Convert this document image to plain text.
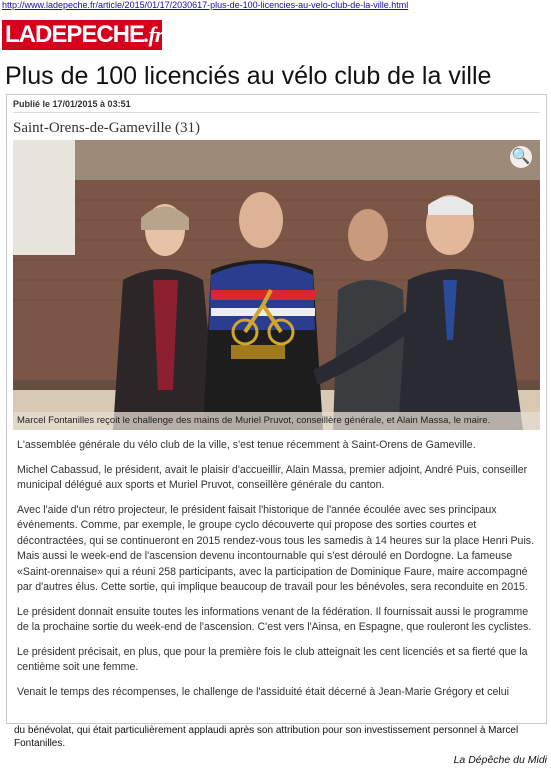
http://www.ladepeche.fr/article/2015/01/17/2030617-plus-de-100-licencies-au-velo-club-de-la-ville.html
LADEPECHE.fr
Plus de 100 licenciés au vélo club de la ville
Publié le 17/01/2015 à 03:51
Saint-Orens-de-Gameville (31)
🔍
Marcel Fontanilles reçoit le challenge des mains de Muriel Pruvot, conseillère générale, et Alain Massa, le maire.

L'assemblée générale du vélo club de la ville, s'est tenue récemment à Saint-Orens de Gameville.

Michel Cabassud, le président, avait le plaisir d'accueillir, Alain Massa, premier adjoint, André Puis, conseiller municipal délégué aux sports et Muriel Pruvot, conseillère générale du canton.

Avec l'aide d'un rétro projecteur, le président faisait l'historique de l'année écoulée avec ses principaux événements. Comme, par exemple, le groupe cyclo découverte qui propose des sorties courtes et décontractées, qui se continueront en 2015 rendez-vous tous les samedis à 14 heures sur la place Henri Puis. Mais aussi le week-end de l'ascension devenu incontournable qui s'est déroulé en Dordogne. La fameuse «Saint-orennaise» qui a réuni 258 participants, avec la participation de Dominique Faure, maire accompagné par d'autres élus. Cette sortie, qui implique beaucoup de travail pour les bénévoles, sera reconduite en 2015.

Le président donnait ensuite toutes les informations venant de la fédération. Il fournissait aussi le programme de la prochaine sortie du week-end de l'ascension. C'est vers l'Ainsa, en Espagne, que rouleront les cyclistes.

Le président précisait, en plus, que pour la première fois le club atteignait les cent licenciés et sa fierté que la centième soit une femme.

Venait le temps des récompenses, le challenge de l'assiduité était décerné à Jean-Marie Grégory et celui

du bénévolat, qui était particulièrement applaudi après son attribution pour son investissement personnel à Marcel Fontanilles.
La Dépêche du Midi
